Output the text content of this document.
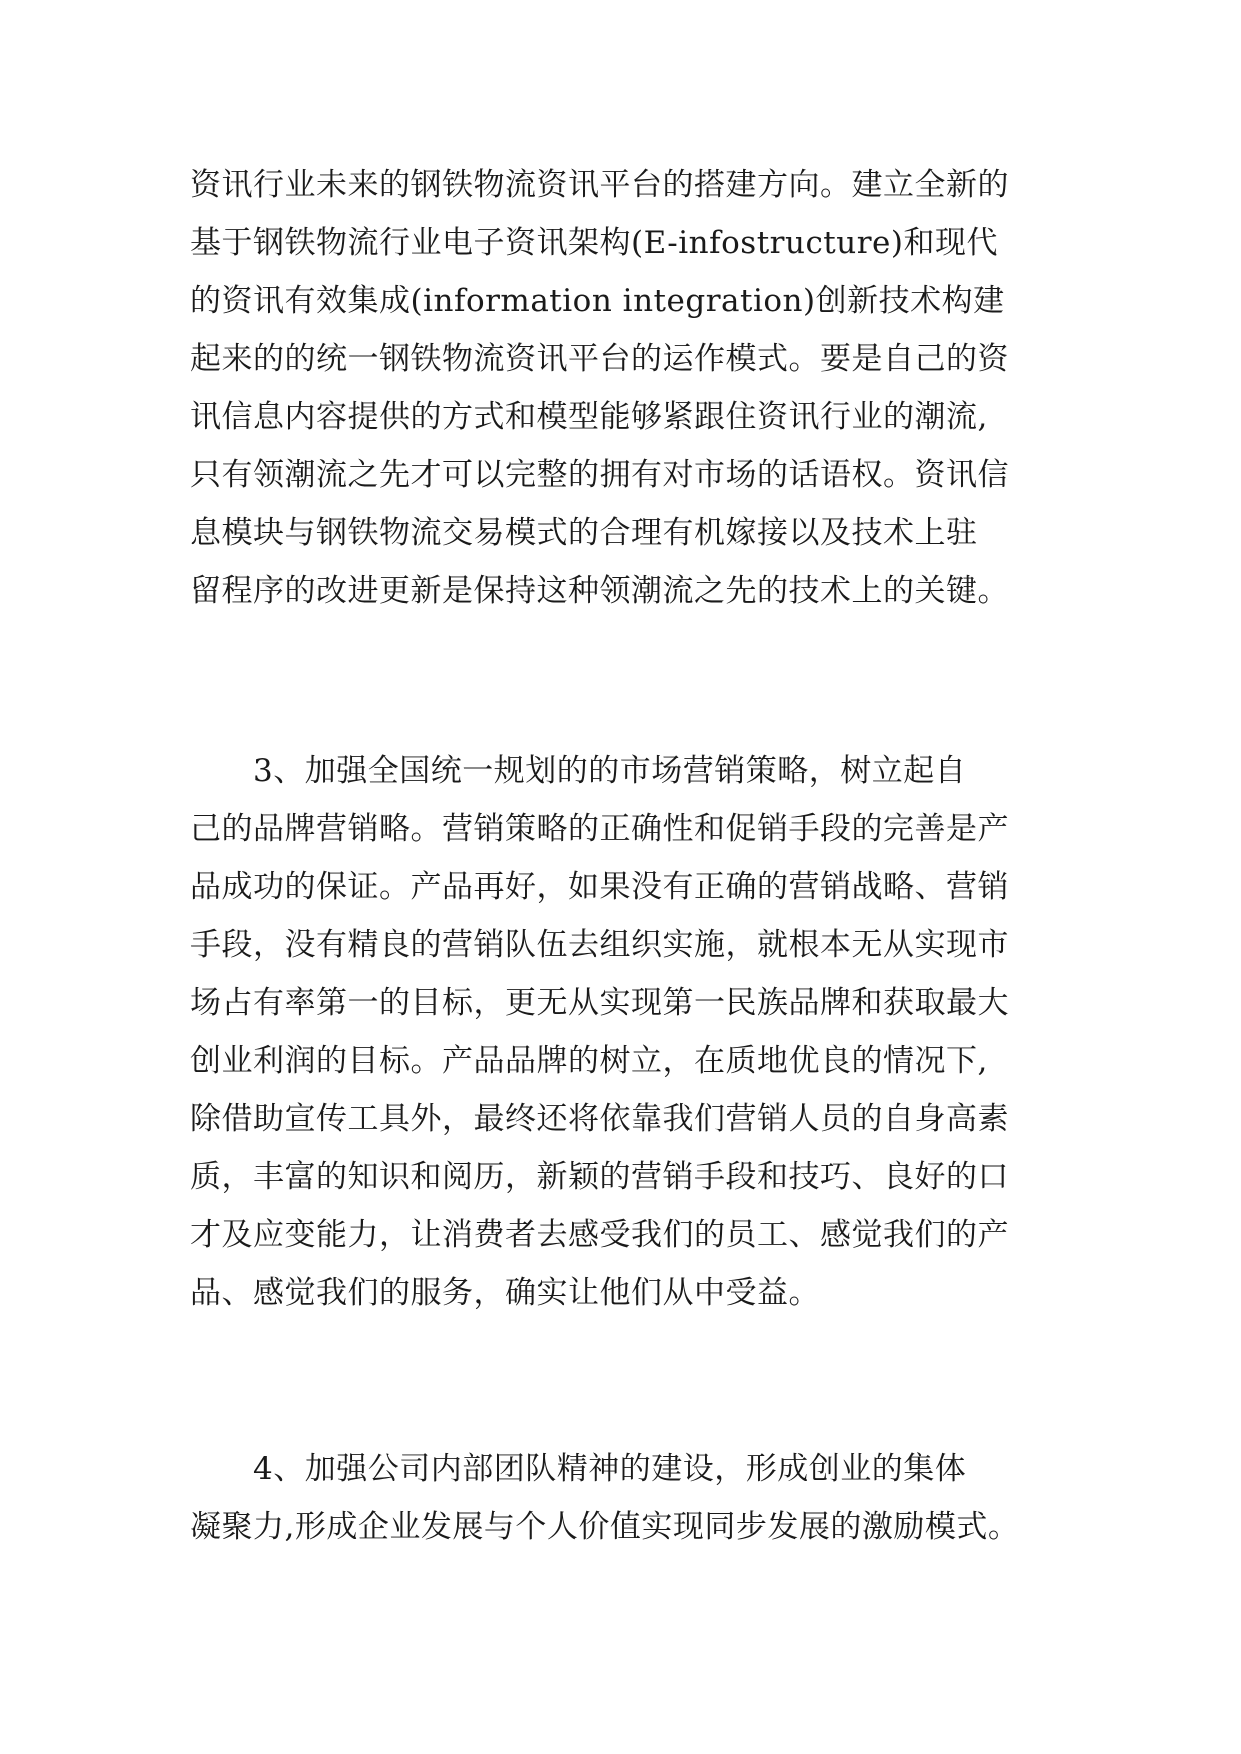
资讯行业未来的钢铁物流资讯平台的搭建方向。建立全新的
基于钢铁物流行业电子资讯架构(E-infostructure)和现代
的资讯有效集成(information integration)创新技术构建
起来的的统一钢铁物流资讯平台的运作模式。要是自己的资
讯信息内容提供的方式和模型能够紧跟住资讯行业的潮流,
只有领潮流之先才可以完整的拥有对市场的话语权。资讯信
息模块与钢铁物流交易模式的合理有机嫁接以及技术上驻
留程序的改进更新是保持这种领潮流之先的技术上的关键。
　　3、加强全国统一规划的的市场营销策略，树立起自
己的品牌营销略。营销策略的正确性和促销手段的完善是产
品成功的保证。产品再好，如果没有正确的营销战略、营销
手段，没有精良的营销队伍去组织实施，就根本无从实现市
场占有率第一的目标，更无从实现第一民族品牌和获取最大
创业利润的目标。产品品牌的树立，在质地优良的情况下,
除借助宣传工具外，最终还将依靠我们营销人员的自身高素
质，丰富的知识和阅历，新颖的营销手段和技巧、良好的口
才及应变能力，让消费者去感受我们的员工、感觉我们的产
品、感觉我们的服务，确实让他们从中受益。
　　4、加强公司内部团队精神的建设，形成创业的集体
凝聚力,形成企业发展与个人价值实现同步发展的激励模式。
